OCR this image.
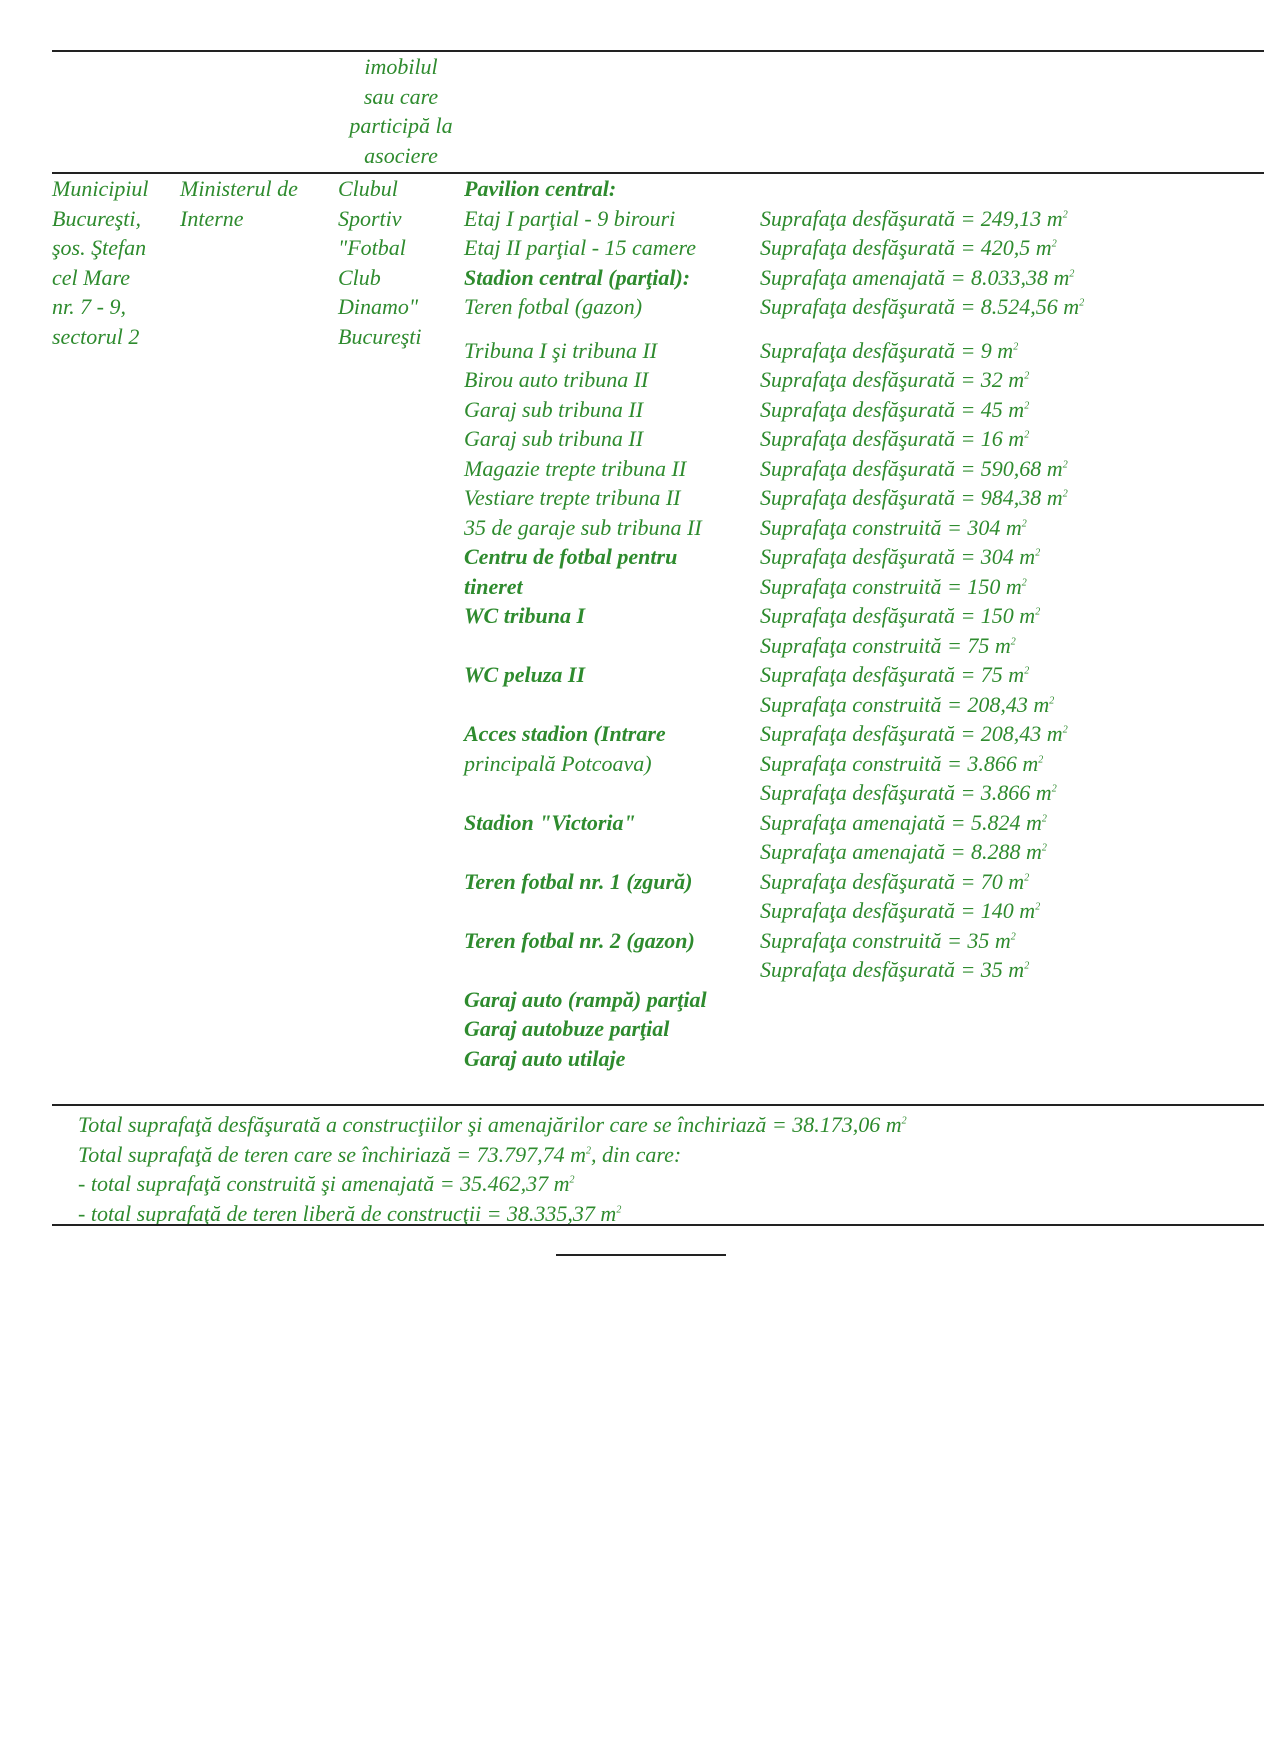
imobilul
sau care
participă la
asociere
Municipiul
Bucureşti,
şos. Ştefan
cel Mare
nr. 7 - 9,
sectorul 2
Ministerul de
Interne
Clubul
Sportiv
"Fotbal
Club
Dinamo"
Bucureşti
Pavilion central:
Etaj I parţial - 9 birouri
Etaj II parţial - 15 camere
Stadion central (parţial):
Teren fotbal (gazon)
Tribuna I şi tribuna II
Birou auto tribuna II
Garaj sub tribuna II
Garaj sub tribuna II
Magazie trepte tribuna II
Vestiare trepte tribuna II
35 de garaje sub tribuna II
Centru de fotbal pentru
tineret
WC tribuna I
WC peluza II
Acces stadion (Intrare
principală Potcoava)
Stadion "Victoria"
Teren fotbal nr. 1 (zgură)
Teren fotbal nr. 2 (gazon)
Garaj auto (rampă) parţial
Garaj autobuze parţial
Garaj auto utilaje
Suprafaţa desfăşurată = 249,13 $m^2$
Suprafaţa desfăşurată = 420,5 $m^2$
Suprafaţa amenajată = 8.033,38 $m^2$
Suprafaţa desfăşurată = 8.524,56 $m^2$
Suprafaţa desfăşurată = 9 $m^2$
Suprafaţa desfăşurată = 32 $m^2$
Suprafaţa desfăşurată = 45 $m^2$
Suprafaţa desfăşurată = 16 $m^2$
Suprafaţa desfăşurată = 590,68 $m^2$
Suprafaţa desfăşurată = 984,38 $m^2$
Suprafaţa construită = 304 $m^2$
Suprafaţa desfăşurată = 304 $m^2$
Suprafaţa construită = 150 $m^2$
Suprafaţa desfăşurată = 150 $m^2$
Suprafaţa construită = 75 $m^2$
Suprafaţa desfăşurată = 75 $m^2$
Suprafaţa construită = 208,43 $m^2$
Suprafaţa desfăşurată = 208,43 $m^2$
Suprafaţa construită = 3.866 $m^2$
Suprafaţa desfăşurată = 3.866 $m^2$
Suprafaţa amenajată = 5.824 $m^2$
Suprafaţa amenajată = 8.288 $m^2$
Suprafaţa desfăşurată = 70 $m^2$
Suprafaţa desfăşurată = 140 $m^2$
Suprafaţa construită = 35 $m^2$
Suprafaţa desfăşurată = 35 $m^2$
Total suprafaţă desfăşurată a construcţiilor şi amenajărilor care se închiriază = 38.173,06 $m^2$
Total suprafaţă de teren care se închiriază = 73.797,74 $m^2$, din care:
- total suprafaţă construită şi amenajată = 35.462,37 $m^2$
- total suprafaţă de teren liberă de construcţii = 38.335,37 $m^2$
